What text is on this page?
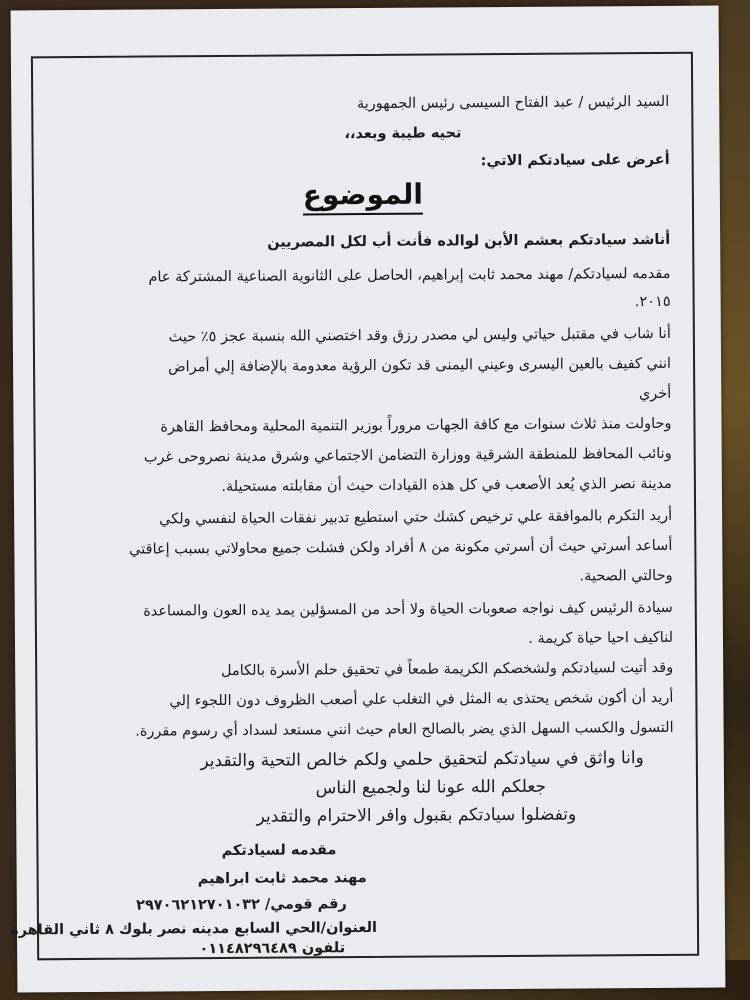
السيد الرئيس / عبد الفتاح السيسى رئيس الجمهورية
تحيه طيبة وبعد،،
أعرض على سيادتكم الاتي:
الموضوع
أناشد سيادتكم بعشم الأبن لوالده فأنت أب لكل المصريين
مقدمه لسيادتكم/ مهند محمد ثابت إبراهيم، الحاصل على الثانوية الصناعية المشتركة عام
٢٠١٥.
أنا شاب في مقتبل حياتي وليس لي مصدر رزق وقد اختصني الله بنسبة عجز ٥٪ حيث
انني كفيف بالعين اليسرى وعيني اليمنى قد تكون الرؤية معدومة بالإضافة إلي أمراض
أخري
وحاولت منذ ثلاث سنوات مع كافة الجهات مروراً بوزير التنمية المحلية ومحافظ القاهرة
ونائب المحافظ للمنطقة الشرقية ووزارة التضامن الاجتماعي وشرق مدينة نصروحى غرب
مدينة نصر الذي يُعد الأصعب في كل هذه القيادات حيث أن مقابلته مستحيلة.
أريد التكرم بالموافقة علي ترخيص كشك حتي استطيع تدبير نفقات الحياة لنفسي ولكي
أساعد أسرتي حيث أن أسرتي مكونة من ٨ أفراد ولكن فشلت جميع محاولاتي بسبب إعاقتي
وحالتي الصحية.
سيادة الرئيس كيف نواجه صعوبات الحياة ولا أحد من المسؤلين يمد يده العون والمساعدة
لناكيف احيا حياة كريمة .
وقد أتيت لسيادتكم ولشخصكم الكريمة طمعاً في تحقيق حلم الأسرة بالكامل
أريد أن أكون شخص يحتذى به المثل في التغلب علي أصعب الظروف دون اللجوء إلي
التسول والكسب السهل الذي يضر بالصالح العام حيث انني مستعد لسداد أي رسوم مقررة.
وانا واثق في سيادتكم لتحقيق حلمي ولكم خالص التحية والتقدير
جعلكم الله عونا لنا ولجميع الناس
وتفضلوا سيادتكم بقبول وافر الاحترام والتقدير
مقدمه لسيادتكم
مهند محمد ثابت ابراهيم
رقم قومي/ ٢٩٧٠٦٢١٢٧٠١٠٣٢
العنوان/الحي السابع مدينه نصر بلوك ٨ ثاني القاهرة
تلفون ٠١١٤٨٢٩٦٤٨٩
